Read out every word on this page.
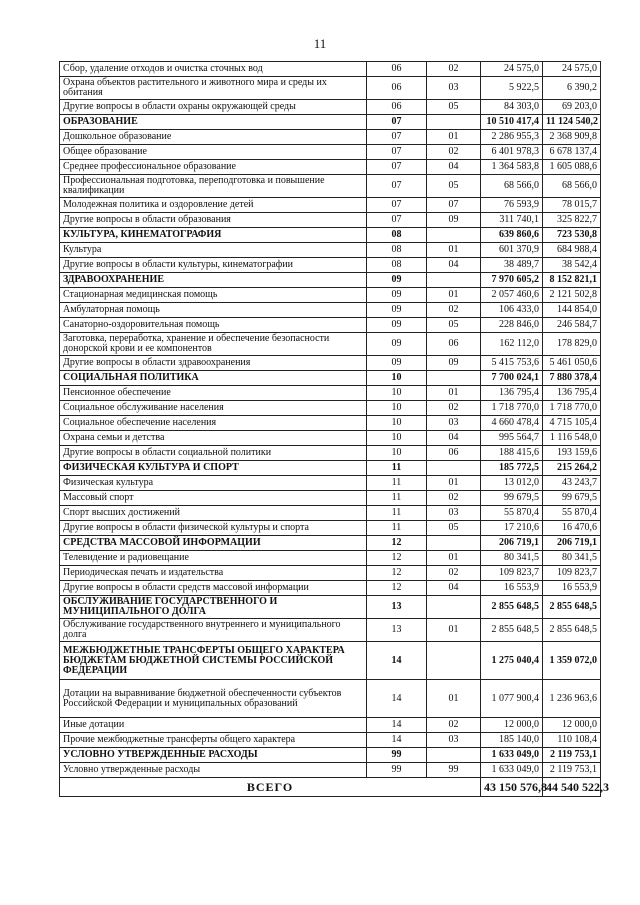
11
Сбор, удаление отходов и очистка сточных вод	06	02	24 575,0	24 575,0
Охрана объектов растительного и животного мира и среды их обитания	06	03	5 922,5	6 390,2
Другие вопросы в области охраны окружающей среды	06	05	84 303,0	69 203,0
ОБРАЗОВАНИЕ	07		10 510 417,4	11 124 540,2
Дошкольное образование	07	01	2 286 955,3	2 368 909,8
Общее образование	07	02	6 401 978,3	6 678 137,4
Среднее профессиональное образование	07	04	1 364 583,8	1 605 088,6
Профессиональная подготовка, переподготовка и повышение квалификации	07	05	68 566,0	68 566,0
Молодежная политика и оздоровление детей	07	07	76 593,9	78 015,7
Другие вопросы в области образования	07	09	311 740,1	325 822,7
КУЛЬТУРА, КИНЕМАТОГРАФИЯ	08		639 860,6	723 530,8
Культура	08	01	601 370,9	684 988,4
Другие вопросы в области культуры, кинематографии	08	04	38 489,7	38 542,4
ЗДРАВООХРАНЕНИЕ	09		7 970 605,2	8 152 821,1
Стационарная медицинская помощь	09	01	2 057 460,6	2 121 502,8
Амбулаторная помощь	09	02	106 433,0	144 854,0
Санаторно-оздоровительная помощь	09	05	228 846,0	246 584,7
Заготовка, переработка, хранение и обеспечение безопасности донорской крови и ее компонентов	09	06	162 112,0	178 829,0
Другие вопросы в области здравоохранения	09	09	5 415 753,6	5 461 050,6
СОЦИАЛЬНАЯ ПОЛИТИКА	10		7 700 024,1	7 880 378,4
Пенсионное обеспечение	10	01	136 795,4	136 795,4
Социальное обслуживание населения	10	02	1 718 770,0	1 718 770,0
Социальное обеспечение населения	10	03	4 660 478,4	4 715 105,4
Охрана семьи и детства	10	04	995 564,7	1 116 548,0
Другие вопросы в области социальной политики	10	06	188 415,6	193 159,6
ФИЗИЧЕСКАЯ КУЛЬТУРА И СПОРТ	11		185 772,5	215 264,2
Физическая культура	11	01	13 012,0	43 243,7
Массовый спорт	11	02	99 679,5	99 679,5
Спорт высших достижений	11	03	55 870,4	55 870,4
Другие вопросы в области физической культуры и спорта	11	05	17 210,6	16 470,6
СРЕДСТВА МАССОВОЙ ИНФОРМАЦИИ	12		206 719,1	206 719,1
Телевидение и радиовещание	12	01	80 341,5	80 341,5
Периодическая печать и издательства	12	02	109 823,7	109 823,7
Другие вопросы в области средств массовой информации	12	04	16 553,9	16 553,9
ОБСЛУЖИВАНИЕ ГОСУДАРСТВЕННОГО И МУНИЦИПАЛЬНОГО ДОЛГА	13		2 855 648,5	2 855 648,5
Обслуживание государственного внутреннего и муниципального долга	13	01	2 855 648,5	2 855 648,5
МЕЖБЮДЖЕТНЫЕ ТРАНСФЕРТЫ ОБЩЕГО ХАРАКТЕРА БЮДЖЕТАМ БЮДЖЕТНОЙ СИСТЕМЫ РОССИЙСКОЙ ФЕДЕРАЦИИ	14		1 275 040,4	1 359 072,0
Дотации на выравнивание бюджетной обеспеченности субъектов Российской Федерации и муниципальных образований	14	01	1 077 900,4	1 236 963,6
Иные дотации	14	02	12 000,0	12 000,0
Прочие межбюджетные трансферты общего характера	14	03	185 140,0	110 108,4
УСЛОВНО УТВЕРЖДЕННЫЕ РАСХОДЫ	99		1 633 049,0	2 119 753,1
Условно утвержденные расходы	99	99	1 633 049,0	2 119 753,1
ВСЕГО			43 150 576,8	44 540 522,3
